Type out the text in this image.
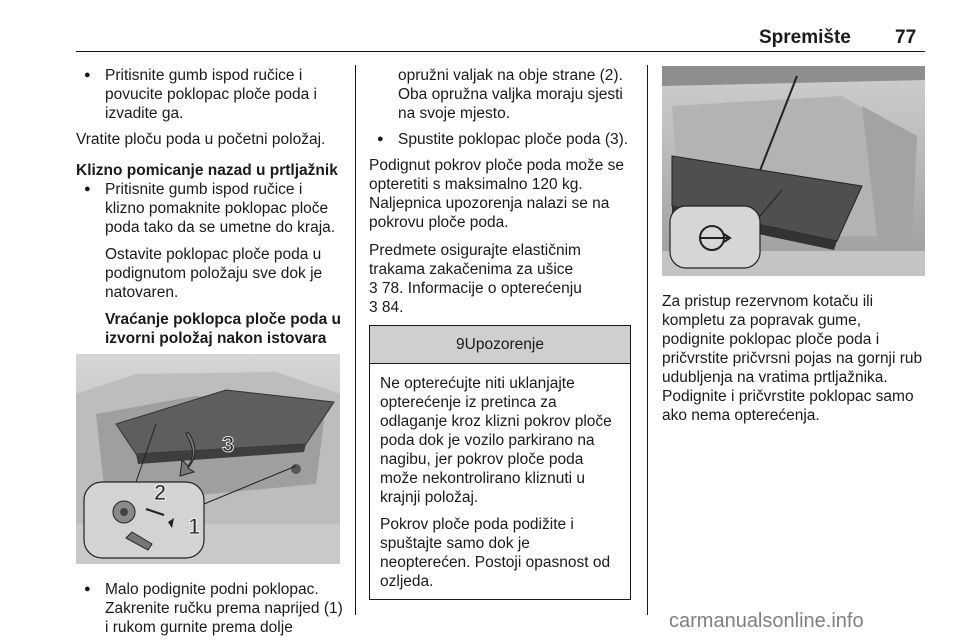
Spremište 77
● Pritisnite gumb ispod ručice i povucite poklopac ploče poda i izvadite ga.

Vratite ploču poda u početni položaj.

Klizno pomicanje nazad u prtljažnik
● Pritisnite gumb ispod ručice i klizno pomaknite poklopac ploče poda tako da se umetne do kraja.
Ostavite poklopac ploče poda u podignutom položaju sve dok je natovaren.
Vraćanje poklopca ploče poda u izvorni položaj nakon istovara
3
2
1
● Malo podignite podni poklopac. Zakrenite ručku prema naprijed (1) i rukom gurnite prema dolje
opružni valjak na obje strane (2). Oba opružna valjka moraju sjesti na svoje mjesto.
● Spustite poklopac ploče poda (3).

Podignut pokrov ploče poda može se opteretiti s maksimalno 120 kg. Naljepnica upozorenja nalazi se na pokrovu ploče poda.

Predmete osigurajte elastičnim trakama zakačenima za ušice

3 78. Informacije o opterećenju
3 84.
9 Upozorenje

Ne opterećujte niti uklanjajte opterećenje iz pretinca za odlaganje kroz klizni pokrov ploče poda dok je vozilo parkirano na nagibu, jer pokrov ploče poda može nekontrolirano kliznuti u krajnji položaj.

Pokrov ploče poda podižite i spuštajte samo dok je neopterećen. Postoji opasnost od ozljeda.

Za pristup rezervnom kotaču ili kompletu za popravak gume, podignite poklopac ploče poda i pričvrstite pričvrsni pojas na gornji rub udubljenja na vratima prtljažnika. Podignite i pričvrstite poklopac samo ako nema opterećenja.

carmanualsonline.info
